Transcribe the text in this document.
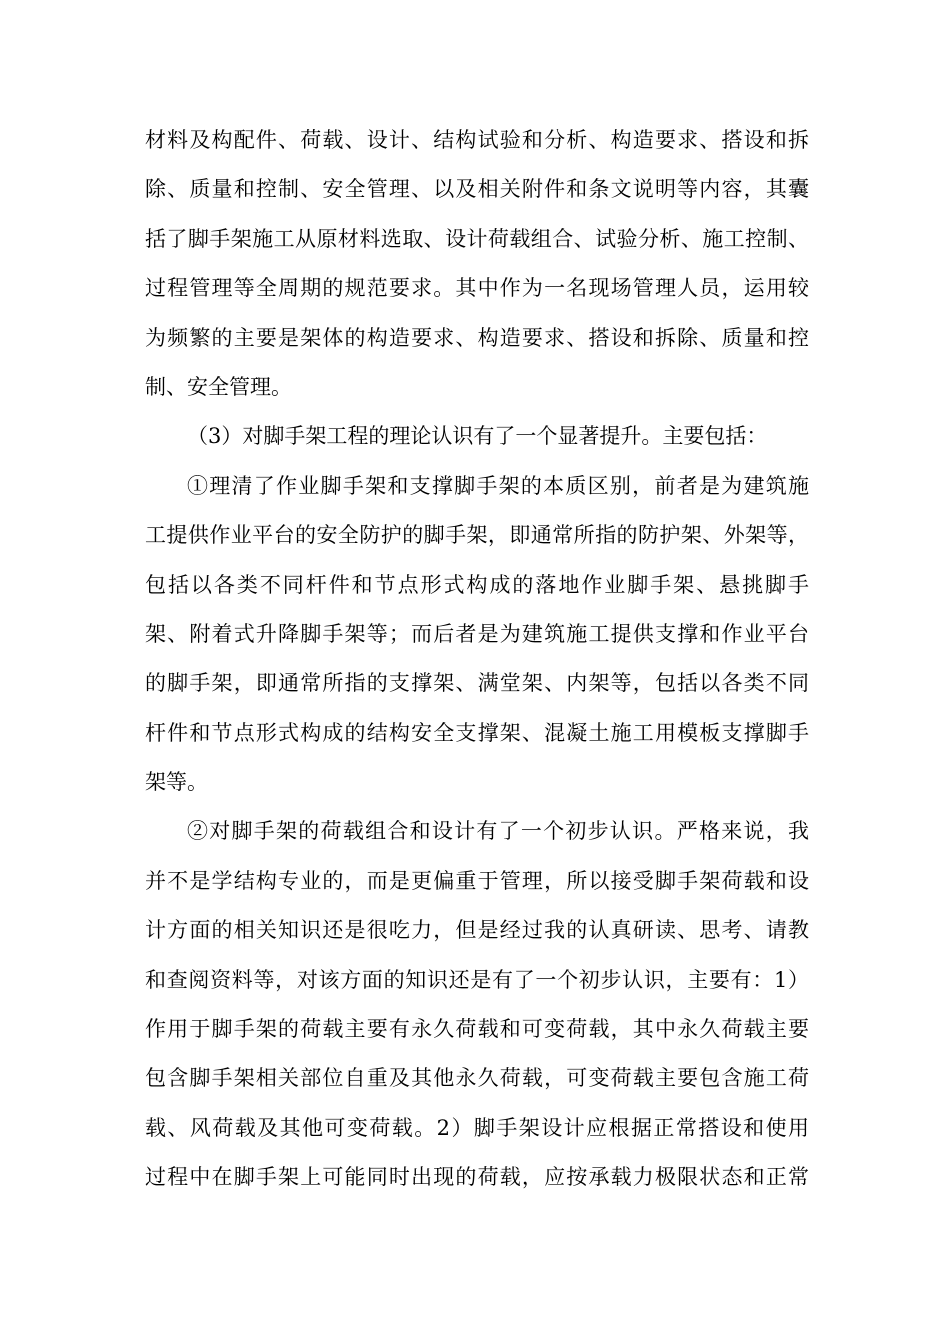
材料及构配件、荷载、设计、结构试验和分析、构造要求、搭设和拆
除、质量和控制、安全管理、以及相关附件和条文说明等内容，其囊
括了脚手架施工从原材料选取、设计荷载组合、试验分析、施工控制、
过程管理等全周期的规范要求。其中作为一名现场管理人员，运用较
为频繁的主要是架体的构造要求、构造要求、搭设和拆除、质量和控
制、安全管理。
（3）对脚手架工程的理论认识有了一个显著提升。主要包括：
①理清了作业脚手架和支撑脚手架的本质区别，前者是为建筑施
工提供作业平台的安全防护的脚手架，即通常所指的防护架、外架等，
包括以各类不同杆件和节点形式构成的落地作业脚手架、悬挑脚手
架、附着式升降脚手架等；而后者是为建筑施工提供支撑和作业平台
的脚手架，即通常所指的支撑架、满堂架、内架等，包括以各类不同
杆件和节点形式构成的结构安全支撑架、混凝土施工用模板支撑脚手
架等。
②对脚手架的荷载组合和设计有了一个初步认识。严格来说，我
并不是学结构专业的，而是更偏重于管理，所以接受脚手架荷载和设
计方面的相关知识还是很吃力，但是经过我的认真研读、思考、请教
和查阅资料等，对该方面的知识还是有了一个初步认识，主要有：1）
作用于脚手架的荷载主要有永久荷载和可变荷载，其中永久荷载主要
包含脚手架相关部位自重及其他永久荷载，可变荷载主要包含施工荷
载、风荷载及其他可变荷载。2）脚手架设计应根据正常搭设和使用
过程中在脚手架上可能同时出现的荷载，应按承载力极限状态和正常
